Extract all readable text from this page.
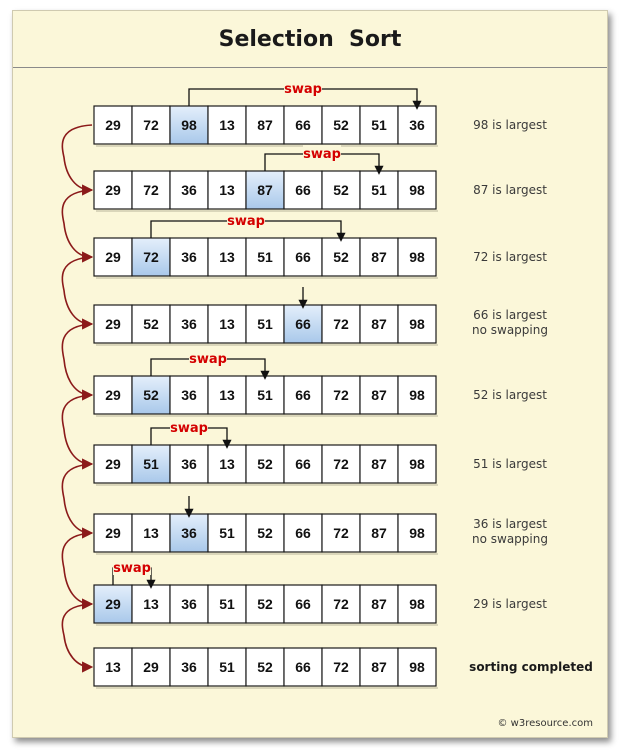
Selection  Sort
© w3resource.com
29 72 98 13 87 66 52 51 36	98 is largest
swap
29 72 36 13 87 66 52 51 98	87 is largest
swap
29 72 36 13 51 66 52 87 98	72 is largest
swap
29 52 36 13 51 66 72 87 98
66 is largest
no swapping
29 52 36 13 51 66 72 87 98	52 is largest
swap
29 51 36 13 52 66 72 87 98	51 is largest
swap
29 13 36 51 52 66 72 87 98
36 is largest
no swapping
29 13 36 51 52 66 72 87 98	29 is largest
swap
13 29 36 51 52 66 72 87 98	sorting completed
